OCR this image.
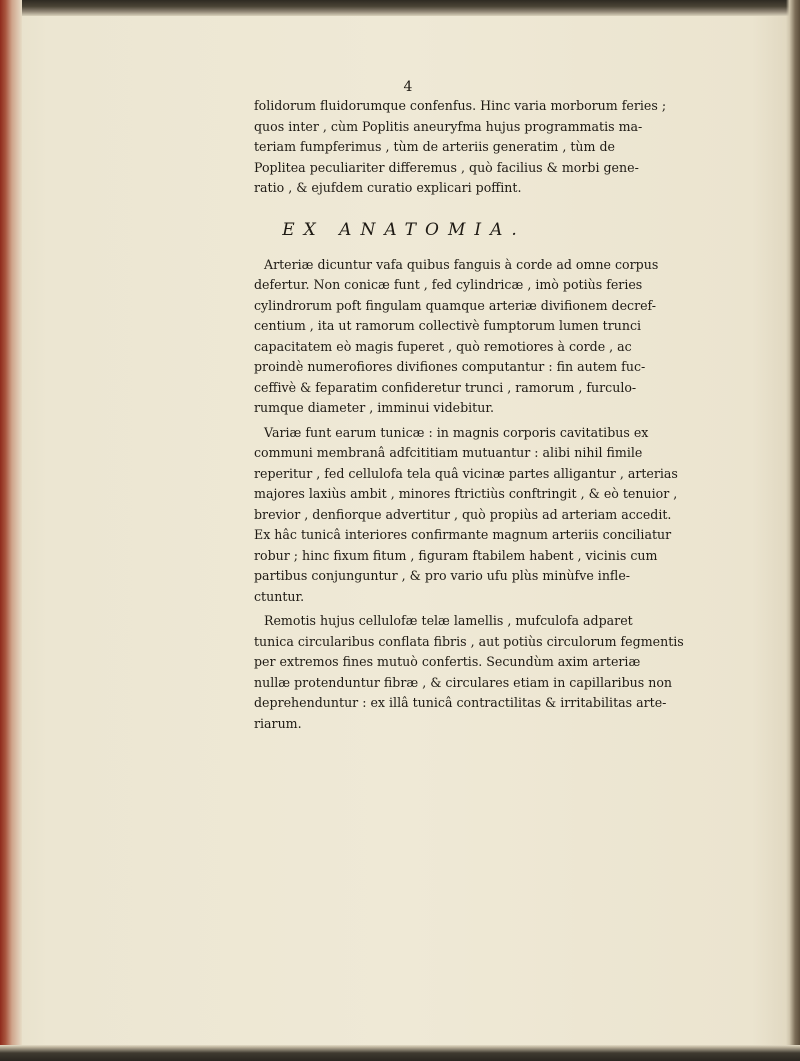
4
folidorum fluidorumque confenfus. Hinc varia morborum feries ;
quos inter , cùm Poplitis aneuryfma hujus programmatis ma-
teriam fumpferimus , tùm de arteriis generatim , tùm de
Poplitea peculiariter differemus , quò facilius & morbi gene-
ratio , & ejufdem curatio explicari poffint.
EX ANATOMIA.
Arteriæ dicuntur vafa quibus fanguis à corde ad omne corpus
defertur. Non conicæ funt , fed cylindricæ , imò potiùs feries
cylindrorum poft fingulam quamque arteriæ divifionem decref-
centium , ita ut ramorum collectivè fumptorum lumen trunci
capacitatem eò magis fuperet , quò remotiores à corde , ac
proindè numerofiores divifiones computantur : fin autem fuc-
ceffivè & feparatim confideretur trunci , ramorum , furculo-
rumque diameter , imminui videbitur.
Variæ funt earum tunicæ : in magnis corporis cavitatibus ex
communi membranâ adfcititiam mutuantur : alibi nihil fimile
reperitur , fed cellulofa tela quâ vicinæ partes alligantur , arterias
majores laxiùs ambit , minores ftrictiùs conftringit , & eò tenuior ,
brevior , denfiorque advertitur , quò propiùs ad arteriam accedit.
Ex hâc tunicâ interiores confirmante magnum arteriis conciliatur
robur ; hinc fixum fitum , figuram ftabilem habent , vicinis cum
partibus conjunguntur , & pro vario ufu plùs minùfve infle-
ctuntur.
Remotis hujus cellulofæ telæ lamellis , mufculofa adparet
tunica circularibus conflata fibris , aut potiùs circulorum fegmentis
per extremos fines mutuò confertis. Secundùm axim arteriæ
nullæ protenduntur fibræ , & circulares etiam in capillaribus non
deprehenduntur : ex illâ tunicâ contractilitas & irritabilitas arte-
riarum.
